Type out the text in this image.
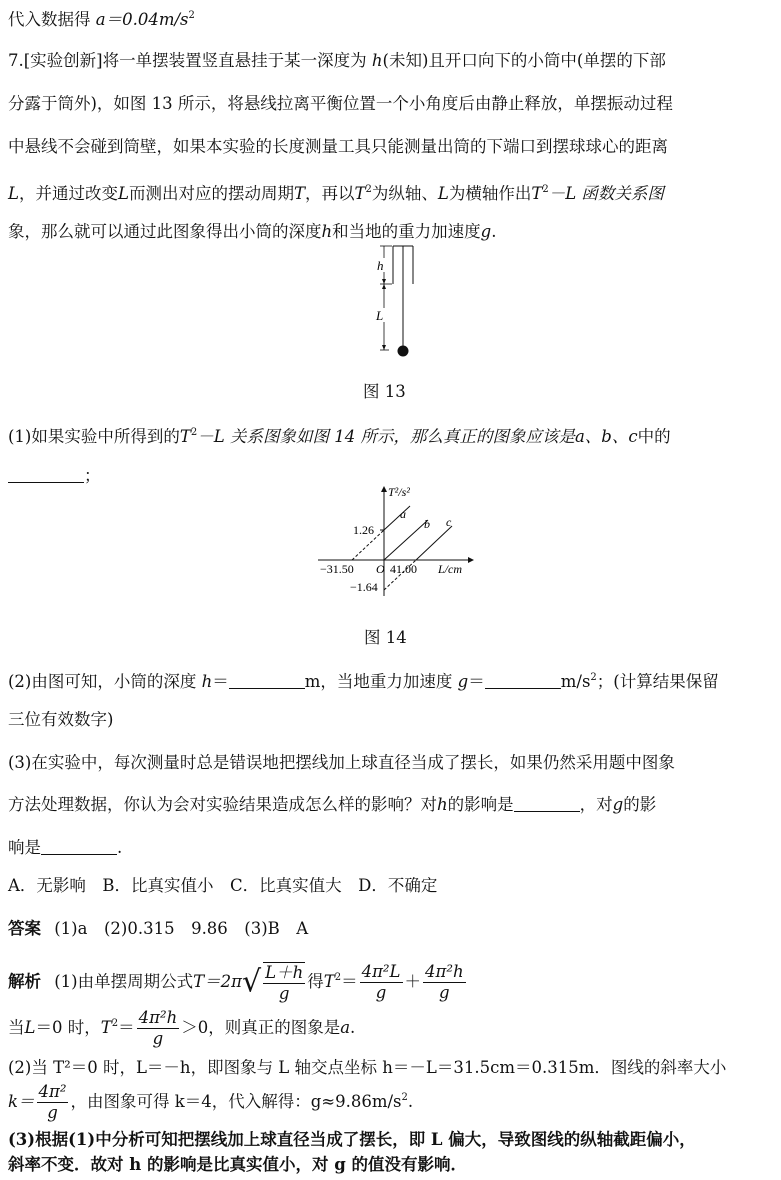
代入数据得 $a=0.04m/s^2$
7.[实验创新]将一单摆装置竖直悬挂于某一深度为 h(未知)且开口向下的小筒中(单摆的下部
分露于筒外)，如图 13 所示，将悬线拉离平衡位置一个小角度后由静止释放，单摆振动过程
中悬线不会碰到筒壁，如果本实验的长度测量工具只能测量出筒的下端口到摆球球心的距离
L，并通过改变L而测出对应的摆动周期T，再以$T^2$为纵轴、L为横轴作出$T^2-L$ 函数关系图
象，那么就可以通过此图象得出小筒的深度h和当地的重力加速度g.
h
L
图 13
(1)如果实验中所得到的$T^2-L$ 关系图象如图 14 所示，那么真正的图象应该是a、b、c中的
；
T²/s²
L/cm
O
1.26
−1.64
−31.50	41.00
a
b c
图 14
(2)由图可知，小筒的深度 h＝	m，当地重力加速度 g＝	$m/s^2$；(计算结果保留
三位有效数字)
(3)在实验中，每次测量时总是错误地把摆线加上球直径当成了摆长，如果仍然采用题中图象
方法处理数据，你认为会对实验结果造成怎么样的影响？对h的影响是	，对g的影
响是	.
A．无影响　B．比真实值小　C．比真实值大　D．不确定
答案 (1)a　(2)0.315　9.86　(3)B　A
解析 (1)由单摆周期公式$T=2\pi√ \frac{L+h}{g}$ 得$T^2= \frac{\text{4π²L}}{g} + \frac{\text{4π²h}}{g}$
当L＝0 时，$T^2= \frac{\text{4π²h}}{g} >0$，则真正的图象是a.
(2)当 T²＝0 时，L＝－h，即图象与 L 轴交点坐标 h＝－L＝31.5cm＝0.315m．图线的斜率大小
$k= \frac{\text{4π²}}{g}$ ，由图象可得 k＝4，代入解得：$g\approx 9.86m/s^2$.
(3)根据(1)中分析可知把摆线加上球直径当成了摆长，即 L 偏大，导致图线的纵轴截距偏小，
斜率不变．故对 h 的影响是比真实值小，对 g 的值没有影响．
